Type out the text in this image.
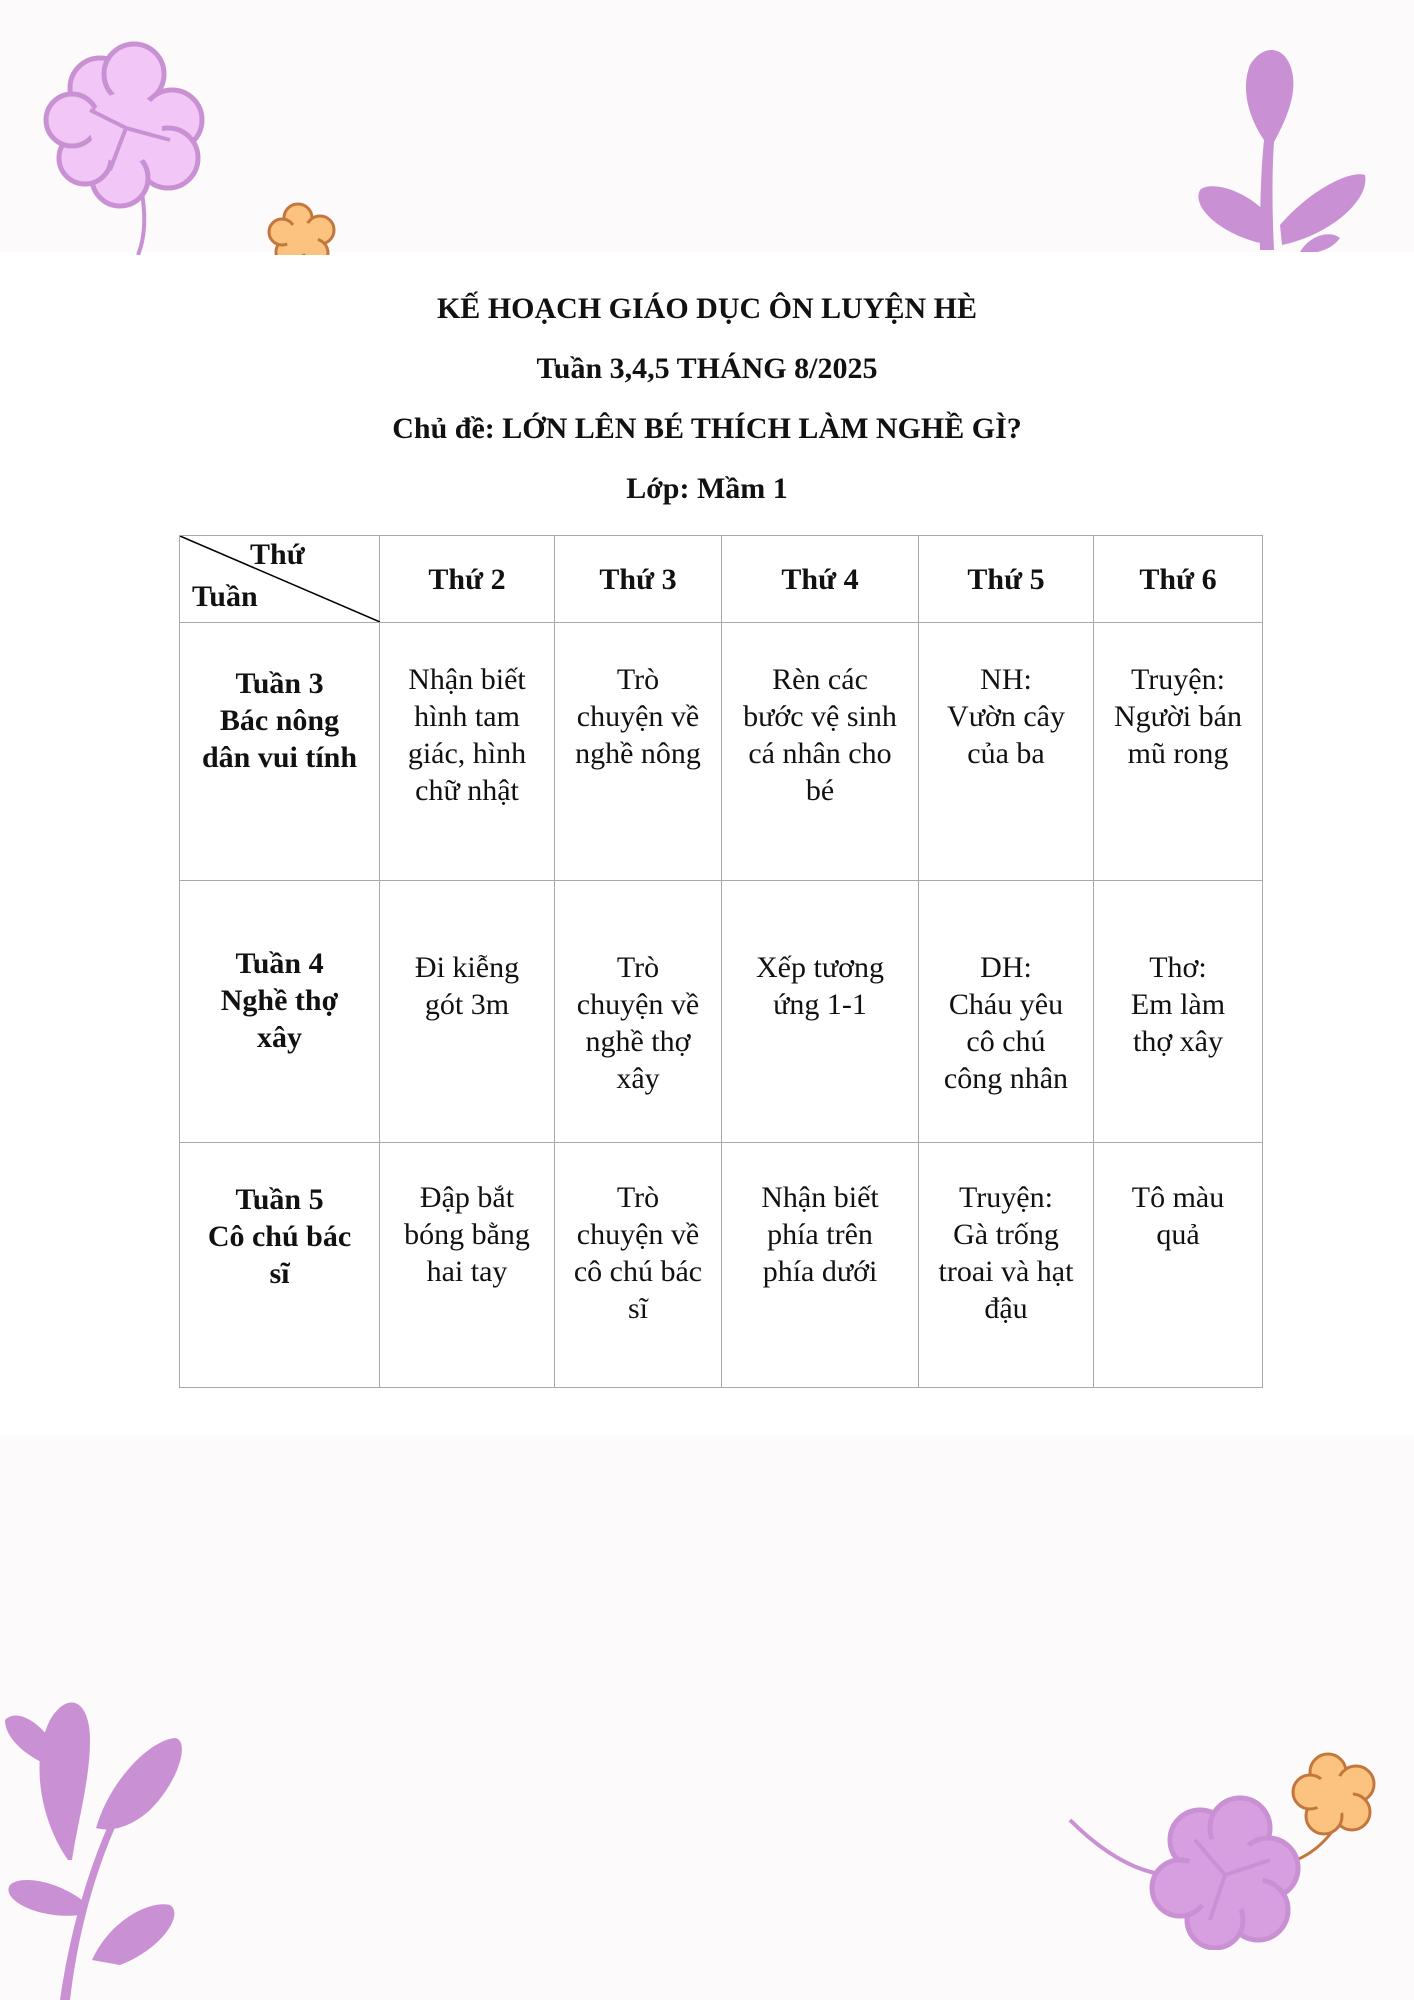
KẾ HOẠCH GIÁO DỤC ÔN LUYỆN HÈ
Tuần 3,4,5 THÁNG 8/2025
Chủ đề: LỚN LÊN BÉ THÍCH LÀM NGHỀ GÌ?
Lớp: Mầm 1
Thứ
Tuần	Thứ 2	Thứ 3	Thứ 4	Thứ 5	Thứ 6

Tuần 3
Bác nông
dân vui tính	Nhận biết
hình tam
giác, hình
chữ nhật	Trò
chuyện về
nghề nông	Rèn các
bước vệ sinh
cá nhân cho
bé	NH:
Vườn cây
của ba	Truyện:
Người bán
mũ rong

Tuần 4
Nghề thợ
xây	Đi kiễng
gót 3m	Trò
chuyện về
nghề thợ
xây	Xếp tương
ứng 1-1	DH:
Cháu yêu
cô chú
công nhân	Thơ:
Em làm
thợ xây

Tuần 5
Cô chú bác
sĩ	Đập bắt
bóng bằng
hai tay	Trò
chuyện về
cô chú bác
sĩ	Nhận biết
phía trên
phía dưới	Truyện:
Gà trống
troai và hạt
đậu	Tô màu
quả
